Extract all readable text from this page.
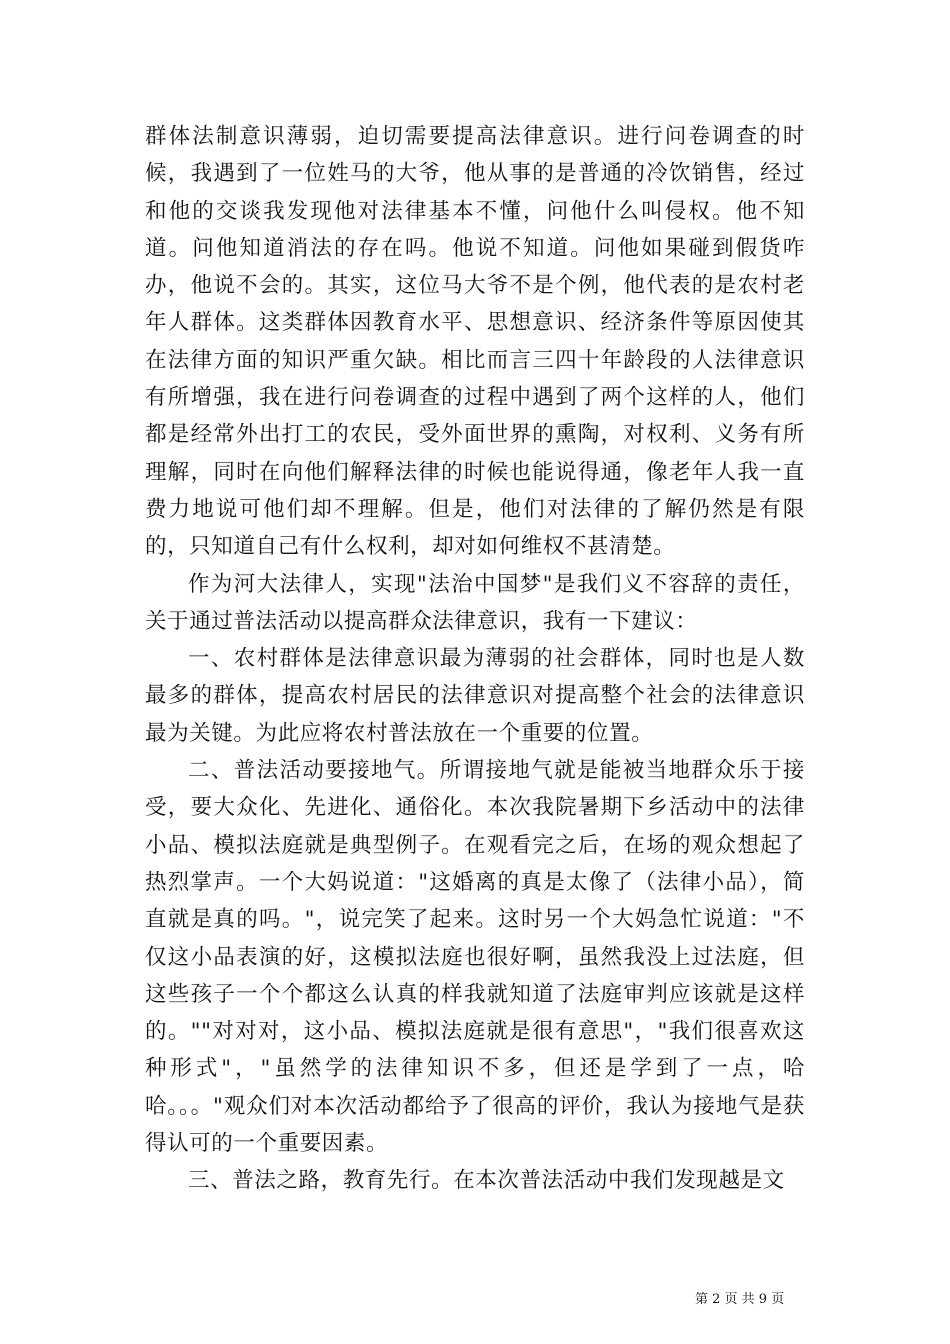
群体法制意识薄弱，迫切需要提高法律意识。进行问卷调查的时候，我遇到了一位姓马的大爷，他从事的是普通的冷饮销售，经过和他的交谈我发现他对法律基本不懂，问他什么叫侵权。他不知道。问他知道消法的存在吗。他说不知道。问他如果碰到假货咋办，他说不会的。其实，这位马大爷不是个例，他代表的是农村老年人群体。这类群体因教育水平、思想意识、经济条件等原因使其在法律方面的知识严重欠缺。相比而言三四十年龄段的人法律意识有所增强，我在进行问卷调查的过程中遇到了两个这样的人，他们都是经常外出打工的农民，受外面世界的熏陶，对权利、义务有所理解，同时在向他们解释法律的时候也能说得通，像老年人我一直费力地说可他们却不理解。但是，他们对法律的了解仍然是有限的，只知道自己有什么权利，却对如何维权不甚清楚。

作为河大法律人，实现"法治中国梦"是我们义不容辞的责任，关于通过普法活动以提高群众法律意识，我有一下建议：

一、农村群体是法律意识最为薄弱的社会群体，同时也是人数最多的群体，提高农村居民的法律意识对提高整个社会的法律意识最为关键。为此应将农村普法放在一个重要的位置。

二、普法活动要接地气。所谓接地气就是能被当地群众乐于接受，要大众化、先进化、通俗化。本次我院暑期下乡活动中的法律小品、模拟法庭就是典型例子。在观看完之后，在场的观众想起了热烈掌声。一个大妈说道："这婚离的真是太像了（法律小品），简直就是真的吗。"，说完笑了起来。这时另一个大妈急忙说道："不仅这小品表演的好，这模拟法庭也很好啊，虽然我没上过法庭，但这些孩子一个个都这么认真的样我就知道了法庭审判应该就是这样的。""对对对，这小品、模拟法庭就是很有意思"，"我们很喜欢这种形式"，"虽然学的法律知识不多，但还是学到了一点，哈哈。。。"观众们对本次活动都给予了很高的评价，我认为接地气是获得认可的一个重要因素。

三、普法之路，教育先行。在本次普法活动中我们发现越是文

第 2 页 共 9 页
